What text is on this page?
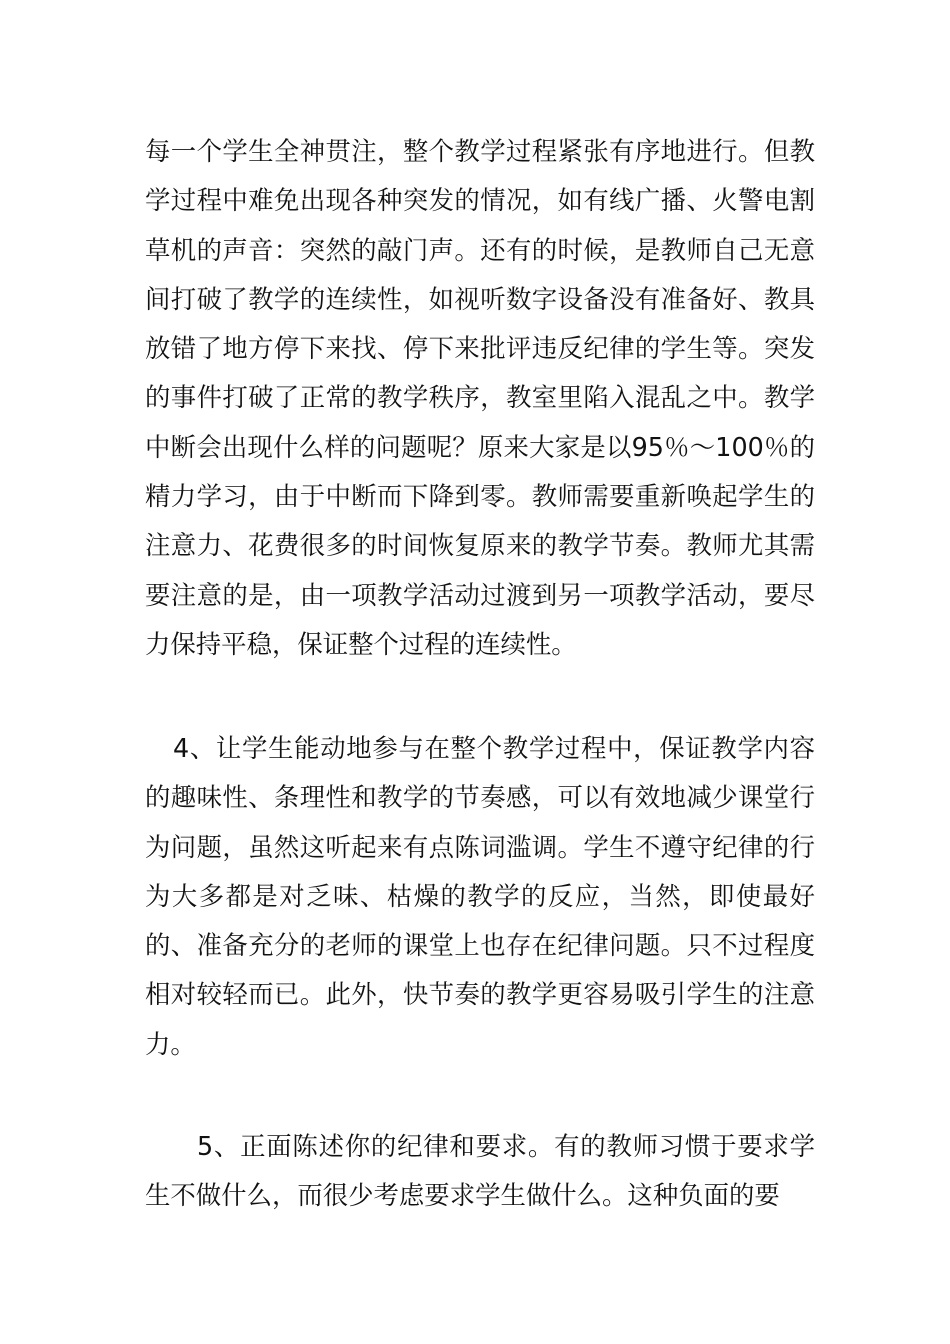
每一个学生全神贯注，整个教学过程紧张有序地进行。但教学过程中难免出现各种突发的情况，如有线广播、火警电割草机的声音：突然的敲门声。还有的时候，是教师自己无意间打破了教学的连续性，如视听数字设备没有准备好、教具放错了地方停下来找、停下来批评违反纪律的学生等。突发的事件打破了正常的教学秩序，教室里陷入混乱之中。教学中断会出现什么样的问题呢？原来大家是以95％～100％的精力学习，由于中断而下降到零。教师需要重新唤起学生的注意力、花费很多的时间恢复原来的教学节奏。教师尤其需要注意的是，由一项教学活动过渡到另一项教学活动，要尽力保持平稳，保证整个过程的连续性。

4、让学生能动地参与在整个教学过程中，保证教学内容的趣味性、条理性和教学的节奏感，可以有效地减少课堂行为问题，虽然这听起来有点陈词滥调。学生不遵守纪律的行为大多都是对乏味、枯燥的教学的反应，当然，即使最好的、准备充分的老师的课堂上也存在纪律问题。只不过程度相对较轻而已。此外，快节奏的教学更容易吸引学生的注意力。

5、正面陈述你的纪律和要求。有的教师习惯于要求学生不做什么，而很少考虑要求学生做什么。这种负面的要
